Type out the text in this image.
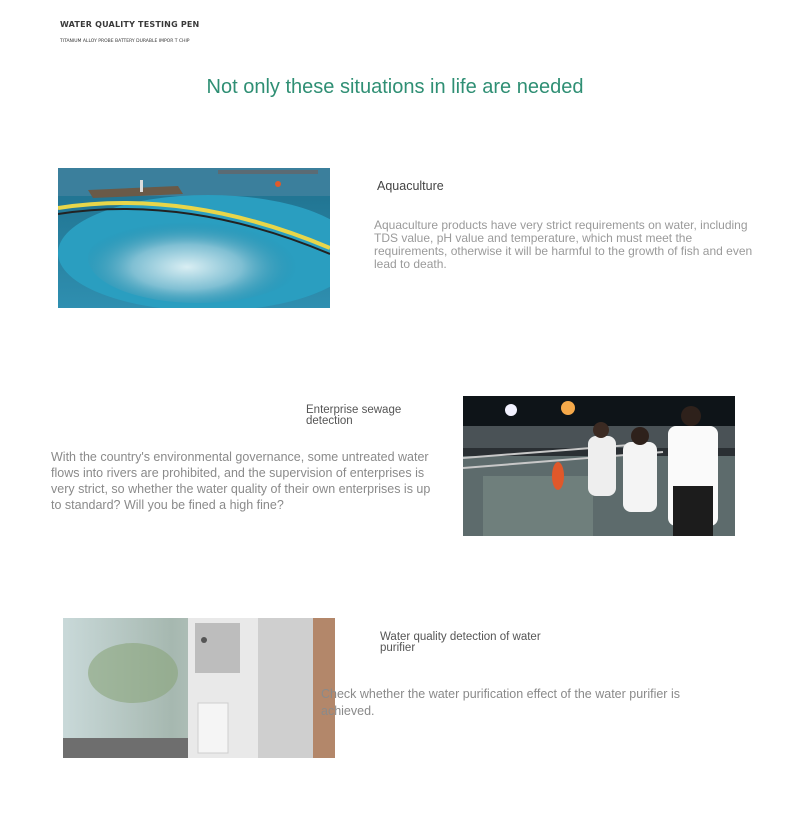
WATER QUALITY TESTING PEN
TITANIUM ALLOY PROBE BATTERY DURABLE IMPOR T CHIP
Not only these situations in life are needed
Aquaculture
Aquaculture products have very strict requirements on water, including TDS value, pH value and temperature, which must meet the requirements, otherwise it will be harmful to the growth of fish and even lead to death.
Enterprise sewage detection
With the country's environmental governance, some untreated water flows into rivers are prohibited, and the supervision of enterprises is very strict, so whether the water quality of their own enterprises is up to standard? Will you be fined a high fine?
Water quality detection of water purifier
Check whether the water purification effect of the water purifier is achieved.
